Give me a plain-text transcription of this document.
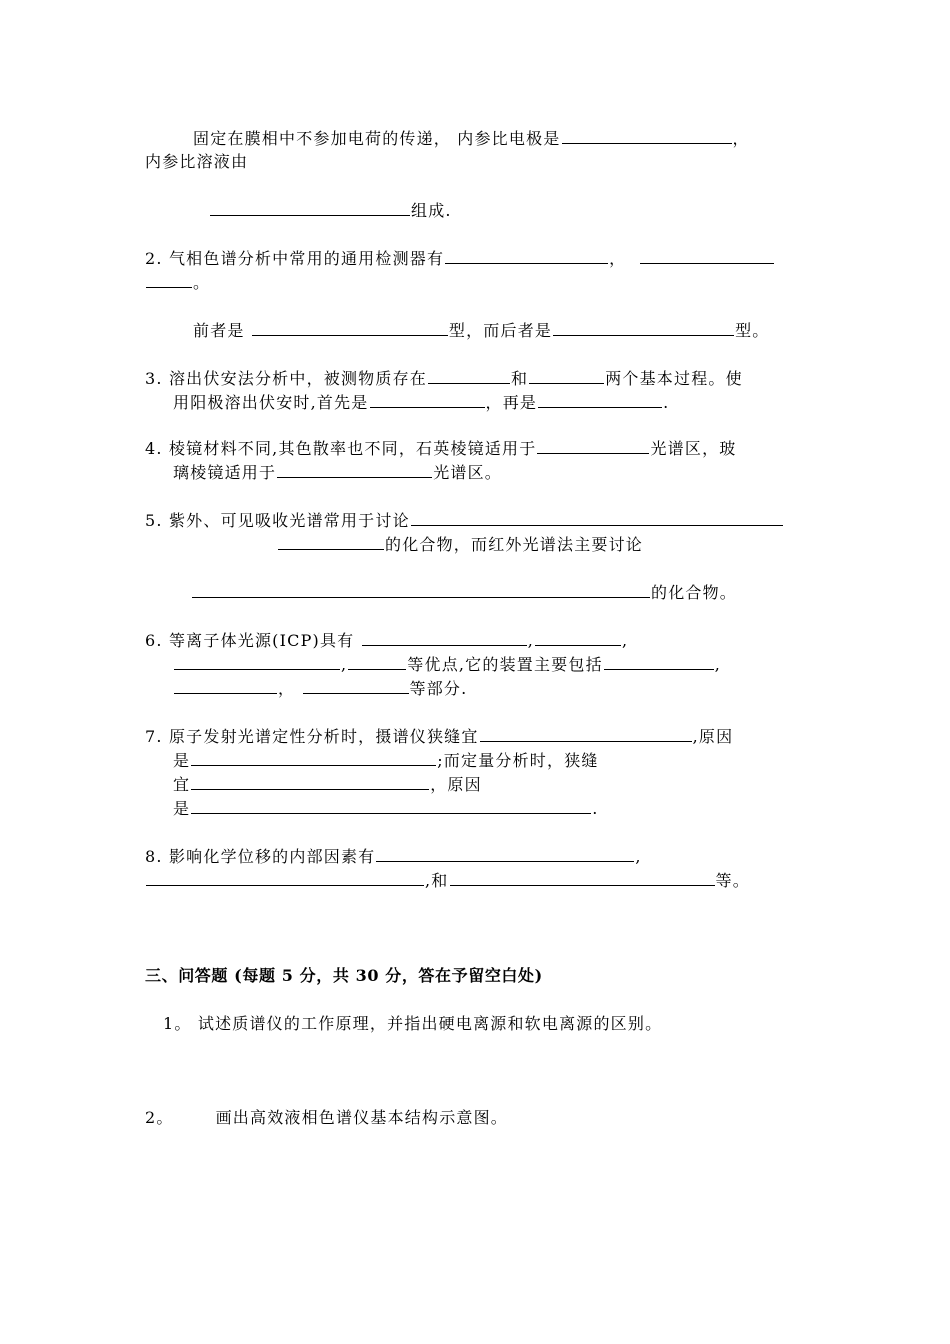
固定在膜相中不参加电荷的传递， 内参比电极是	，
内参比溶液由
组成.
2. 气相色谱分析中常用的通用检测器有	，
。
前者是	型，而后者是	型。
3. 溶出伏安法分析中，被测物质存在	和	两个基本过程。使
用阳极溶出伏安时,首先是	，再是	.
4. 棱镜材料不同,其色散率也不同，石英棱镜适用于	光谱区，玻
璃棱镜适用于	光谱区。
5. 紫外、可见吸收光谱常用于讨论
的化合物，而红外光谱法主要讨论
的化合物。
6. 等离子体光源(ICP)具有	,	,
,	等优点,它的装置主要包括	,
，	等部分.
7. 原子发射光谱定性分析时，摄谱仪狭缝宜	,原因
是	;而定量分析时，狭缝
宜	，原因
是	.
8. 影响化学位移的内部因素有	,
,和	等。
三、问答题 (每题 5 分，共 30 分，答在予留空白处)
1。 试述质谱仪的工作原理，并指出硬电离源和软电离源的区别。
2。	画出高效液相色谱仪基本结构示意图。
